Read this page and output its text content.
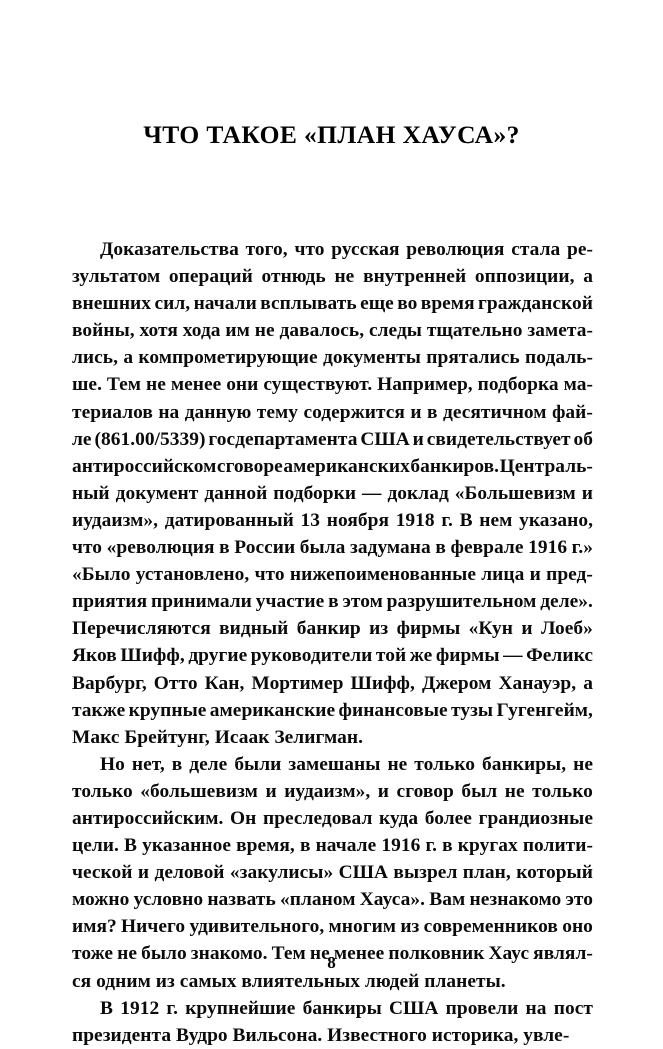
ЧТО ТАКОЕ «ПЛАН ХАУСА»?
Доказательства того, что русская революция стала ре-
зультатом операций отнюдь не внутренней оппозиции, а
внешних сил, начали всплывать еще во время гражданской
войны, хотя хода им не давалось, следы тщательно замета-
лись, а компрометирующие документы прятались подаль-
ше. Тем не менее они существуют. Например, подборка ма-
териалов на данную тему содержится и в десятичном фай-
ле (861.00/5339) госдепартамента США и свидетельствует об
антироссийском сговоре американских банкиров. Централь-
ный документ данной подборки — доклад «Большевизм и
иудаизм», датированный 13 ноября 1918 г. В нем указано,
что «революция в России была задумана в феврале 1916 г.»
«Было установлено, что нижепоименованные лица и пред-
приятия принимали участие в этом разрушительном деле».
Перечисляются видный банкир из фирмы «Кун и Лоеб»
Яков Шифф, другие руководители той же фирмы — Феликс
Варбург, Отто Кан, Мортимер Шифф, Джером Ханауэр, а
также крупные американские финансовые тузы Гугенгейм,
Макс Брейтунг, Исаак Зелигман.
Но нет, в деле были замешаны не только банкиры, не
только «большевизм и иудаизм», и сговор был не только
антироссийским. Он преследовал куда более грандиозные
цели. В указанное время, в начале 1916 г. в кругах полити-
ческой и деловой «закулисы» США вызрел план, который
можно условно назвать «планом Хауса». Вам незнакомо это
имя? Ничего удивительного, многим из современников оно
тоже не было знакомо. Тем не менее полковник Хаус являл-
ся одним из самых влиятельных людей планеты.
В 1912 г. крупнейшие банкиры США провели на пост
президента Вудро Вильсона. Известного историка, увле-
8
